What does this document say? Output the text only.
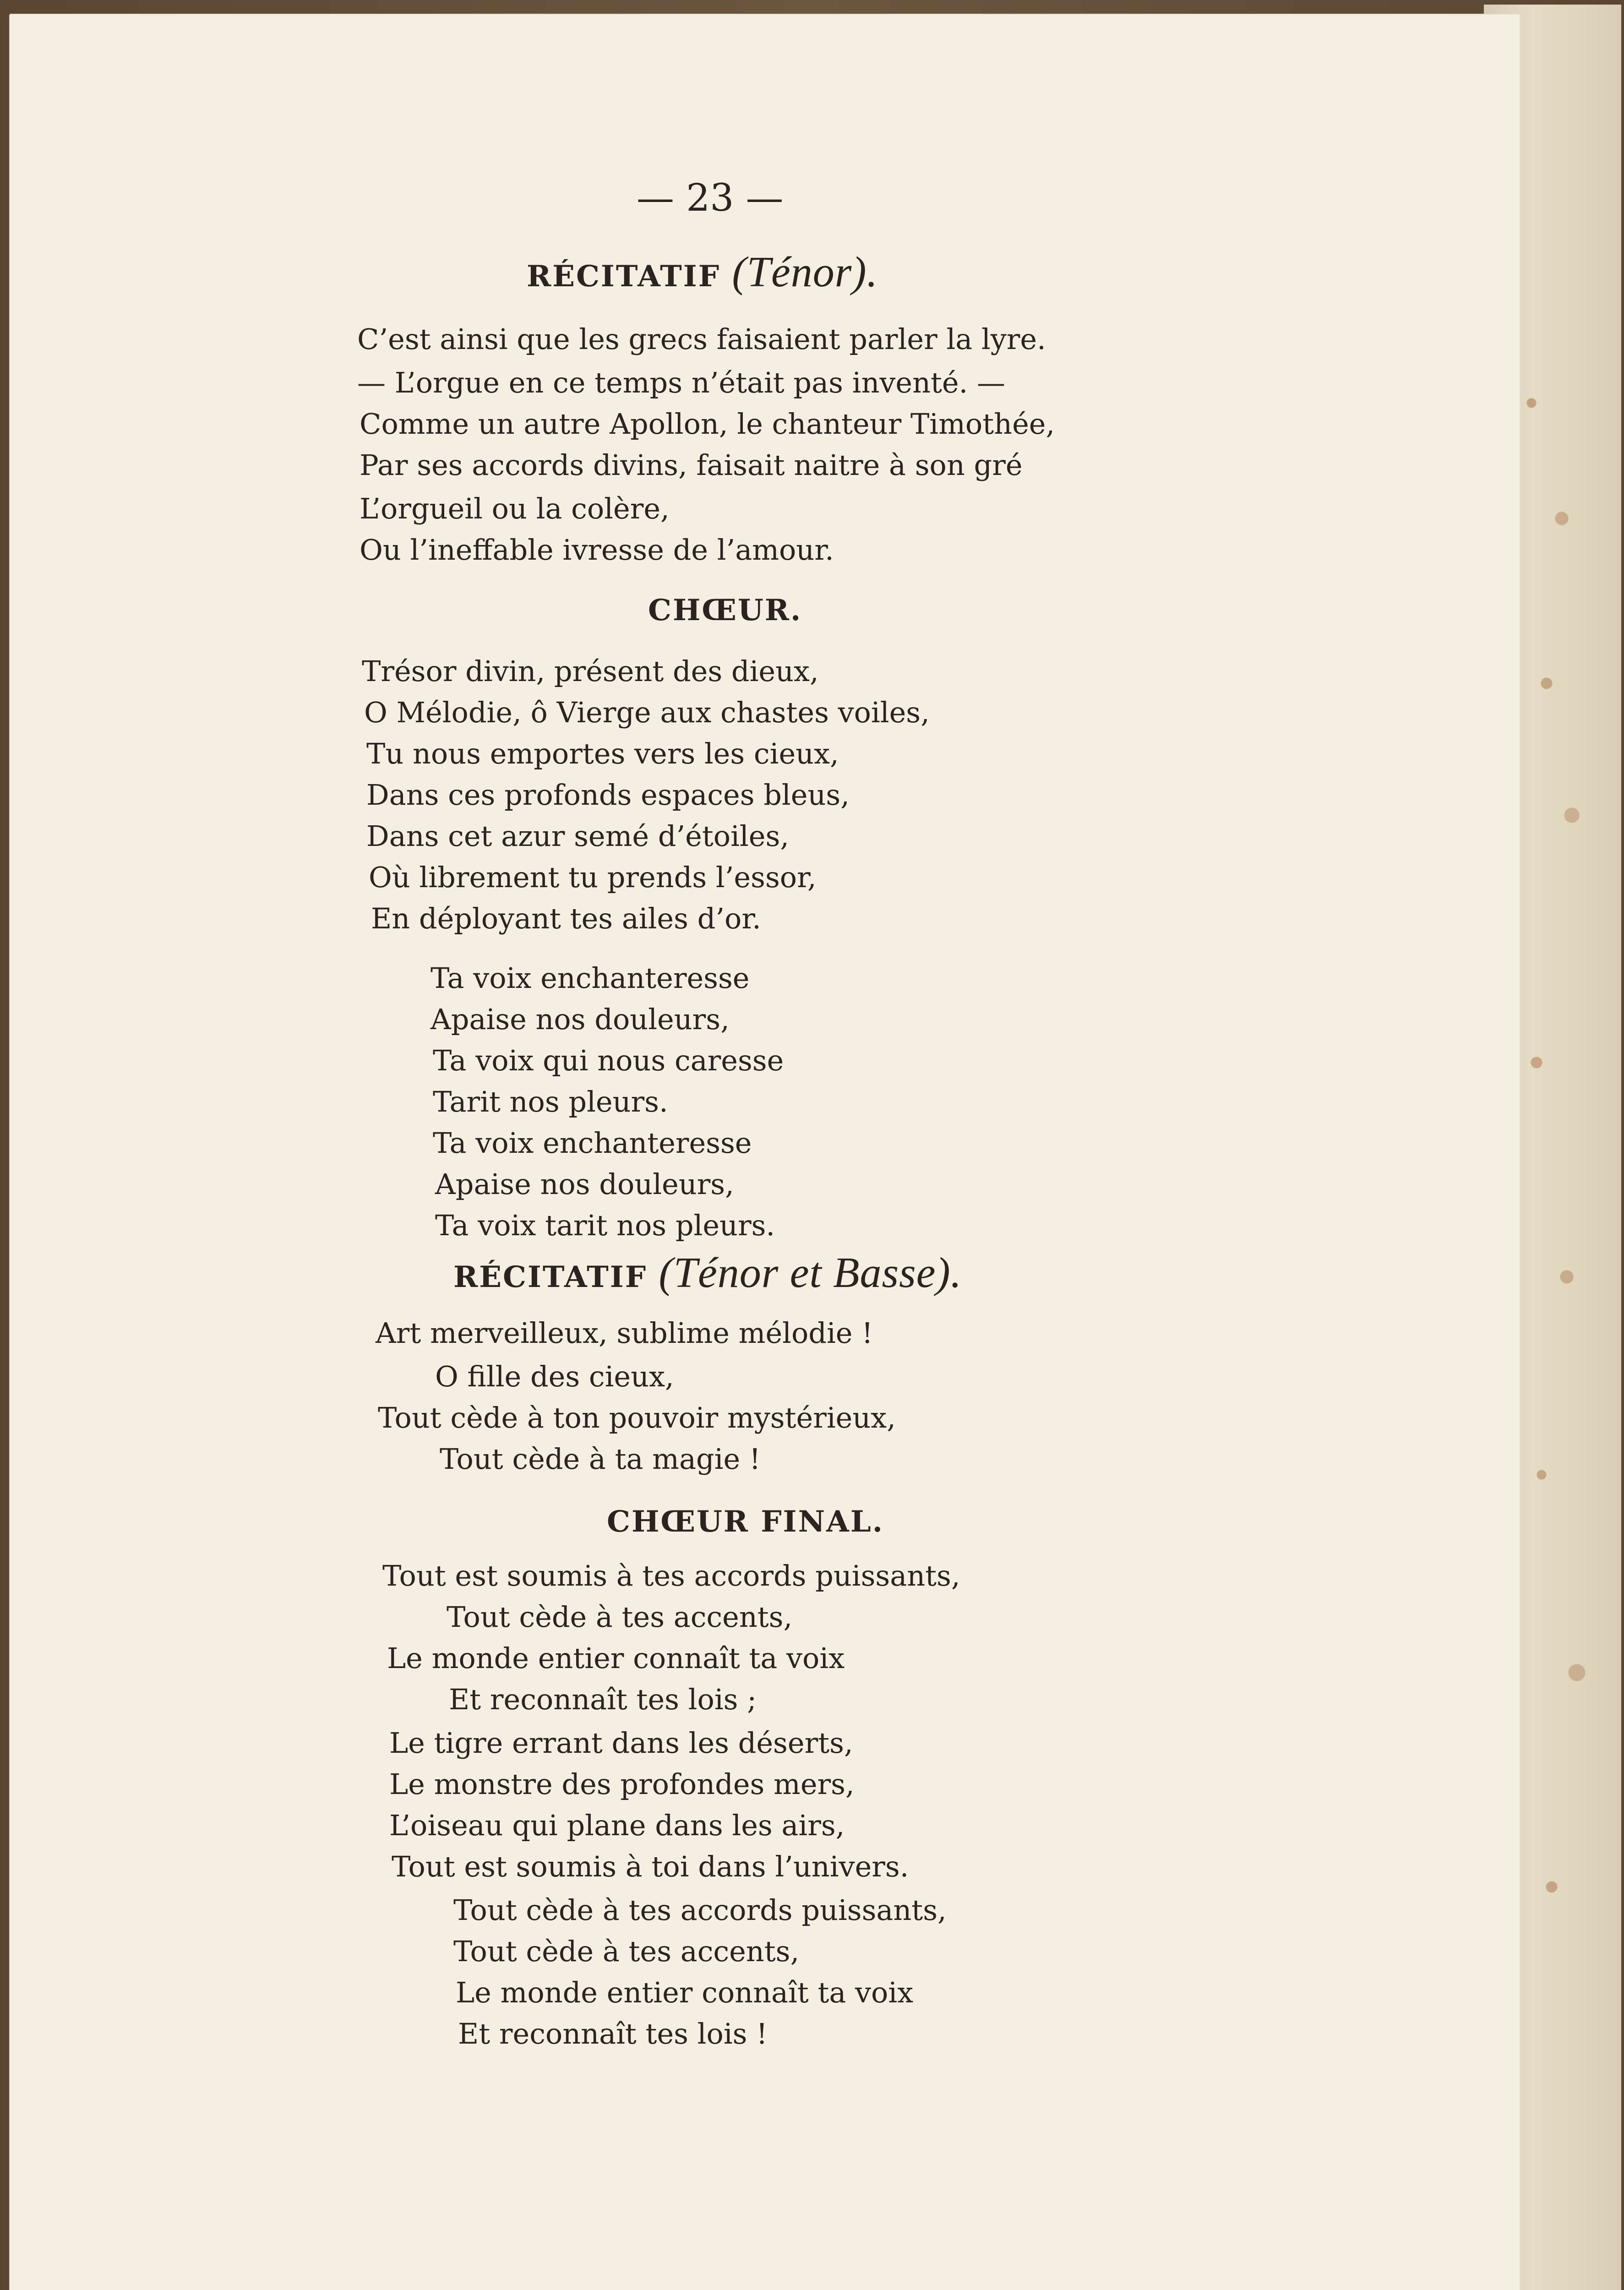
— 23 —
RÉCITATIF (Ténor).
C’est ainsi que les grecs faisaient parler la lyre.
— L’orgue en ce temps n’était pas inventé. —
Comme un autre Apollon, le chanteur Timothée,
Par ses accords divins, faisait naitre à son gré
L’orgueil ou la colère,
Ou l’ineffable ivresse de l’amour.
CHŒUR.
Trésor divin, présent des dieux,
O Mélodie, ô Vierge aux chastes voiles,
Tu nous emportes vers les cieux,
Dans ces profonds espaces bleus,
Dans cet azur semé d’étoiles,
Où librement tu prends l’essor,
En déployant tes ailes d’or.
Ta voix enchanteresse
Apaise nos douleurs,
Ta voix qui nous caresse
Tarit nos pleurs.
Ta voix enchanteresse
Apaise nos douleurs,
Ta voix tarit nos pleurs.
RÉCITATIF (Ténor et Basse).
Art merveilleux, sublime mélodie !
O fille des cieux,
Tout cède à ton pouvoir mystérieux,
Tout cède à ta magie !
CHŒUR FINAL.
Tout est soumis à tes accords puissants,
Tout cède à tes accents,
Le monde entier connaît ta voix
Et reconnaît tes lois ;
Le tigre errant dans les déserts,
Le monstre des profondes mers,
L’oiseau qui plane dans les airs,
Tout est soumis à toi dans l’univers.
Tout cède à tes accords puissants,
Tout cède à tes accents,
Le monde entier connaît ta voix
Et reconnaît tes lois !
